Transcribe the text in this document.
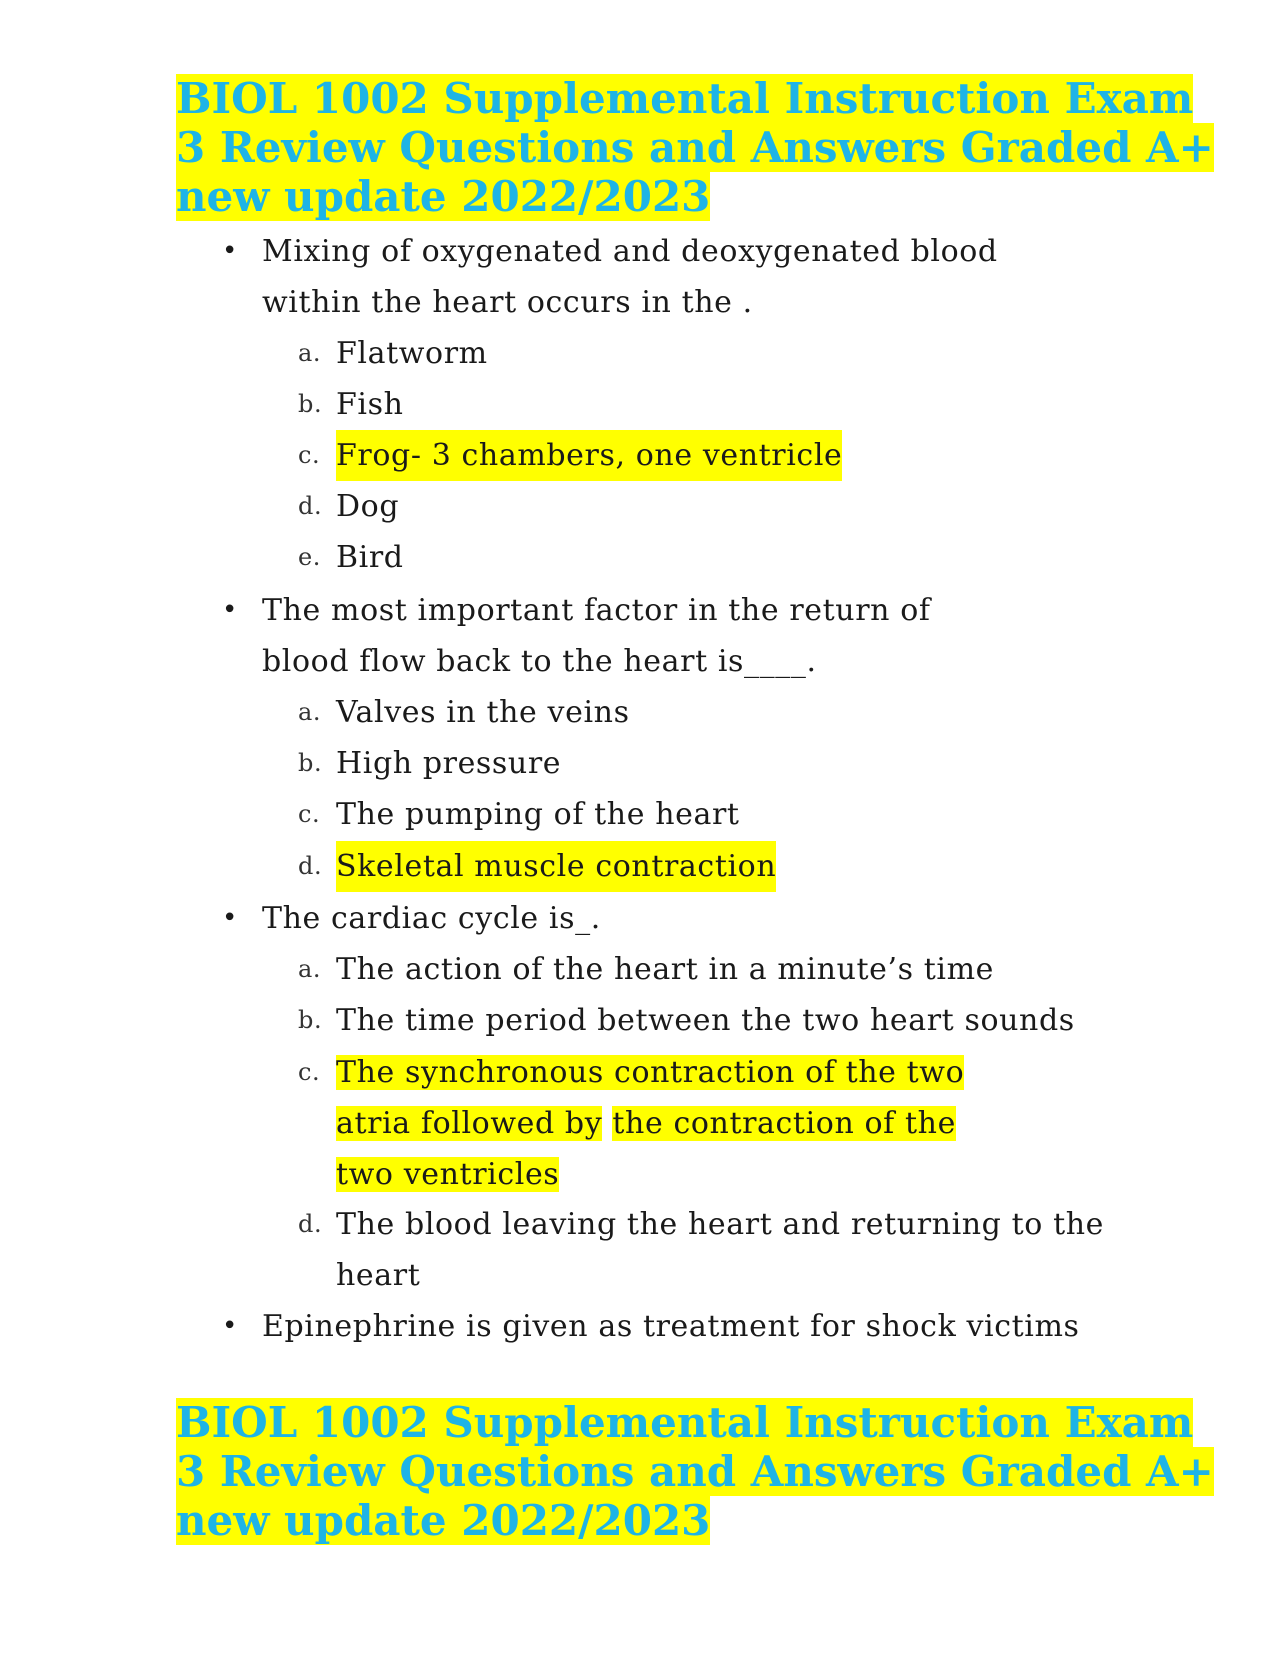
BIOL 1002 Supplemental Instruction Exam 3 Review Questions and Answers Graded A+ new update 2022/2023
• Mixing of oxygenated and deoxygenated blood
within the heart occurs in the .
a. Flatworm
b. Fish
c. Frog- 3 chambers, one ventricle
d. Dog
e. Bird
• The most important factor in the return of
blood flow back to the heart is____.
a. Valves in the veins
b. High pressure
c. The pumping of the heart
d. Skeletal muscle contraction
• The cardiac cycle is_.
a. The action of the heart in a minute’s time
b. The time period between the two heart sounds
c. The synchronous contraction of the two
atria followed by the contraction of the
two ventricles
d. The blood leaving the heart and returning to the
heart
• Epinephrine is given as treatment for shock victims
BIOL 1002 Supplemental Instruction Exam 3 Review Questions and Answers Graded A+ new update 2022/2023
